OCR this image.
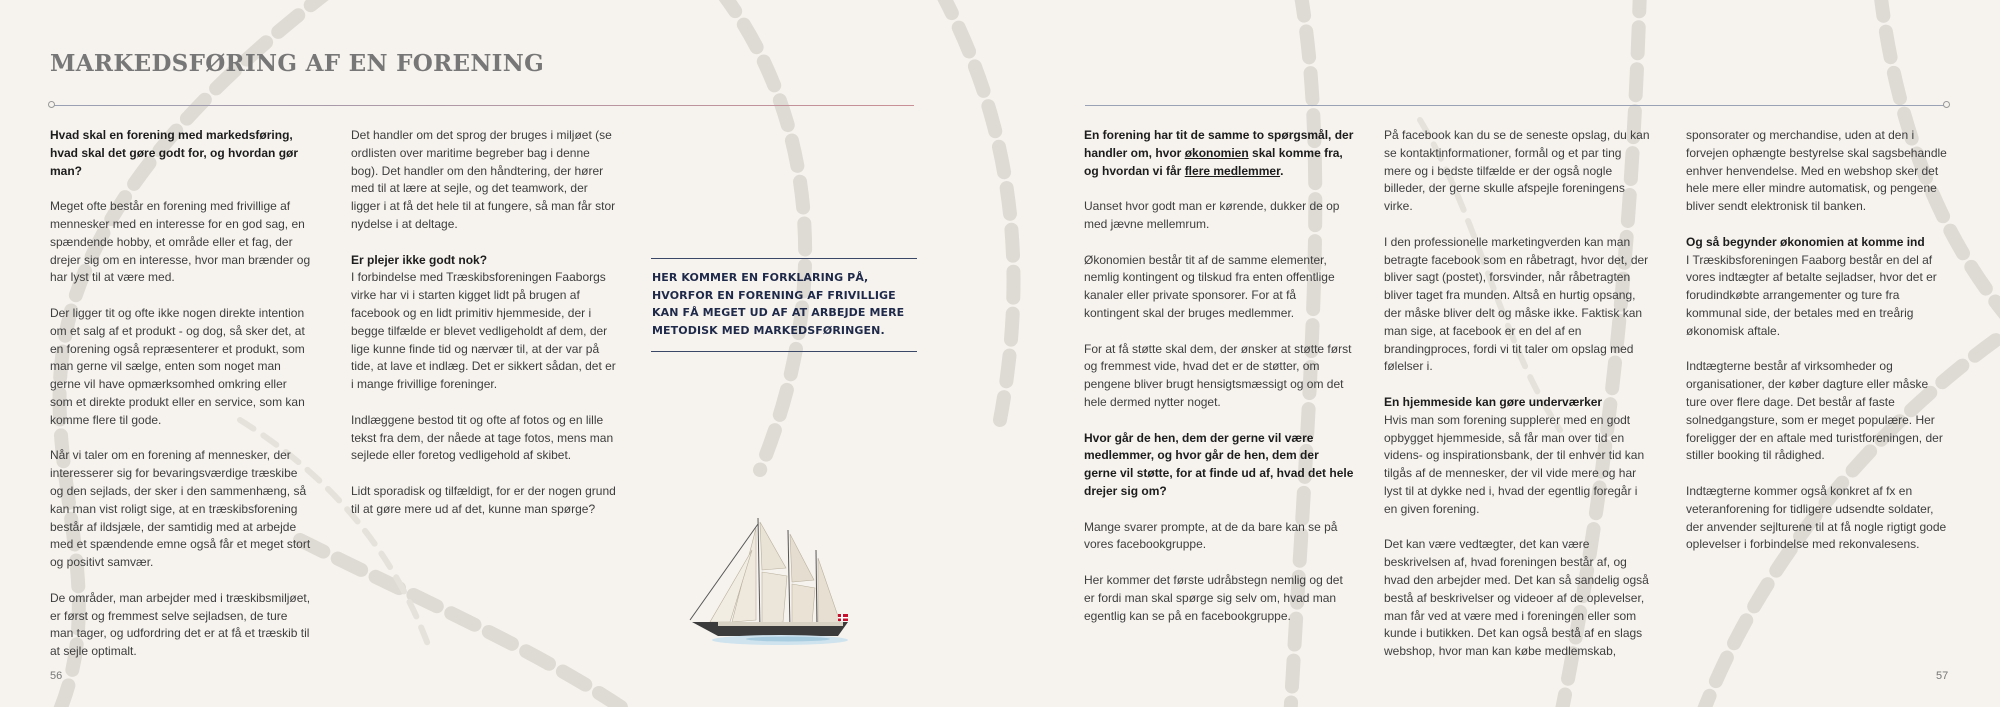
MARKEDSFØRING AF EN FORENING

Hvad skal en forening med markedsføring, hvad skal det gøre godt for, og hvordan gør man?

Meget ofte består en forening med frivillige af mennesker med en interesse for en god sag, en spændende hobby, et område eller et fag, der drejer sig om en interesse, hvor man brænder og har lyst til at være med.

Der ligger tit og ofte ikke nogen direkte intention om et salg af et produkt - og dog, så sker det, at en forening også repræsenterer et produkt, som man gerne vil sælge, enten som noget man gerne vil have opmærksomhed omkring eller som et direkte produkt eller en service, som kan komme flere til gode.

Når vi taler om en forening af mennesker, der interesserer sig for bevaringsværdige træskibe og den sejlads, der sker i den sammenhæng, så kan man vist roligt sige, at en træskibsforening består af ildsjæle, der samtidig med at arbejde med et spændende emne også får et meget stort og positivt samvær.

De områder, man arbejder med i træskibsmiljøet, er først og fremmest selve sejladsen, de ture man tager, og udfordring det er at få et træskib til at sejle optimalt.

Det handler om det sprog der bruges i miljøet (se ordlisten over maritime begreber bag i denne bog). Det handler om den håndtering, der hører med til at lære at sejle, og det teamwork, der ligger i at få det hele til at fungere, så man får stor nydelse i at deltage.

Er plejer ikke godt nok?

I forbindelse med Træskibsforeningen Faaborgs virke har vi i starten kigget lidt på brugen af facebook og en lidt primitiv hjemmeside, der i begge tilfælde er blevet vedligeholdt af dem, der lige kunne finde tid og nærvær til, at der var på tide, at lave et indlæg. Det er sikkert sådan, det er i mange frivillige foreninger.

Indlæggene bestod tit og ofte af fotos og en lille tekst fra dem, der nåede at tage fotos, mens man sejlede eller foretog vedligehold af skibet.

Lidt sporadisk og tilfældigt, for er der nogen grund til at gøre mere ud af det, kunne man spørge?

HER KOMMER EN FORKLARING PÅ, HVORFOR EN FORENING AF FRIVILLIGE KAN FÅ MEGET UD AF AT ARBEJDE MERE METODISK MED MARKEDSFØRINGEN.
56

En forening har tit de samme to spørgsmål, der handler om, hvor økonomien skal komme fra, og hvordan vi får flere medlemmer.

Uanset hvor godt man er kørende, dukker de op med jævne mellemrum.

Økonomien består tit af de samme elementer, nemlig kontingent og tilskud fra enten offentlige kanaler eller private sponsorer. For at få kontingent skal der bruges medlemmer.

For at få støtte skal dem, der ønsker at støtte først og fremmest vide, hvad det er de støtter, om pengene bliver brugt hensigtsmæssigt og om det hele dermed nytter noget.

Hvor går de hen, dem der gerne vil være medlemmer, og hvor går de hen, dem der gerne vil støtte, for at finde ud af, hvad det hele drejer sig om?

Mange svarer prompte, at de da bare kan se på vores facebookgruppe.

Her kommer det første udråbstegn nemlig og det er fordi man skal spørge sig selv om, hvad man egentlig kan se på en facebookgruppe.

På facebook kan du se de seneste opslag, du kan se kontaktinformationer, formål og et par ting mere og i bedste tilfælde er der også nogle billeder, der gerne skulle afspejle foreningens virke.

I den professionelle marketingverden kan man betragte facebook som en råbetragt, hvor det, der bliver sagt (postet), forsvinder, når råbetragten bliver taget fra munden. Altså en hurtig opsang, der måske bliver delt og måske ikke. Faktisk kan man sige, at facebook er en del af en brandingproces, fordi vi tit taler om opslag med følelser i.

En hjemmeside kan gøre underværker

Hvis man som forening supplerer med en godt opbygget hjemmeside, så får man over tid en videns- og inspirationsbank, der til enhver tid kan tilgås af de mennesker, der vil vide mere og har lyst til at dykke ned i, hvad der egentlig foregår i en given forening.

Det kan være vedtægter, det kan være beskrivelsen af, hvad foreningen består af, og hvad den arbejder med. Det kan så sandelig også bestå af beskrivelser og videoer af de oplevelser, man får ved at være med i foreningen eller som kunde i butikken. Det kan også bestå af en slags webshop, hvor man kan købe medlemskab,

sponsorater og merchandise, uden at den i forvejen ophængte bestyrelse skal sagsbehandle enhver henvendelse. Med en webshop sker det hele mere eller mindre automatisk, og pengene bliver sendt elektronisk til banken.

Og så begynder økonomien at komme ind

I Træskibsforeningen Faaborg består en del af vores indtægter af betalte sejladser, hvor det er forudindkøbte arrangementer og ture fra kommunal side, der betales med en treårig økonomisk aftale.

Indtægterne består af virksomheder og organisationer, der køber dagture eller måske ture over flere dage. Det består af faste solnedgangsture, som er meget populære. Her foreligger der en aftale med turistforeningen, der stiller booking til rådighed.

Indtægterne kommer også konkret af fx en veteranforening for tidligere udsendte soldater, der anvender sejlturene til at få nogle rigtigt gode oplevelser i forbindelse med rekonvalesens.

57
